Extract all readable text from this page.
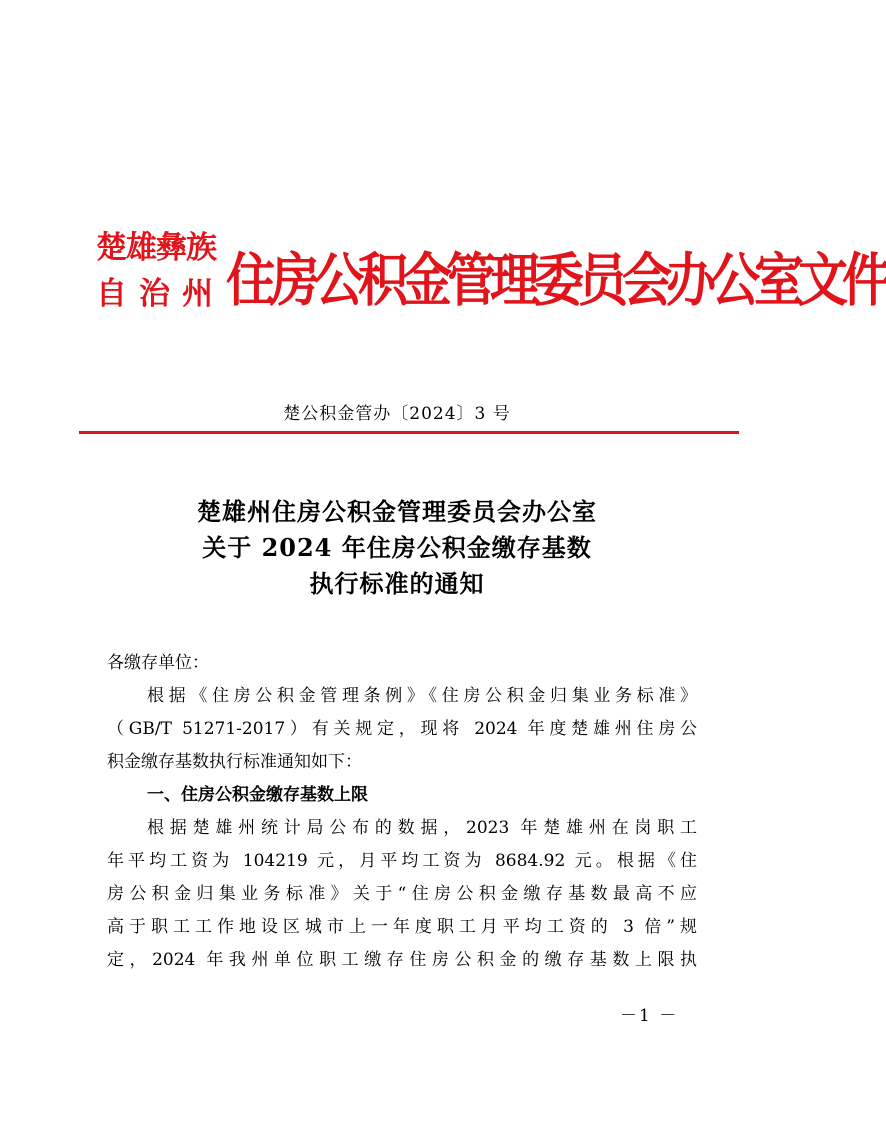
楚雄彝族
自治州 住房公积金管理委员会办公室文件
楚公积金管办〔2024〕3 号
楚雄州住房公积金管理委员会办公室
关于 2024 年住房公积金缴存基数
执行标准的通知

各缴存单位：

根据《住房公积金管理条例》《住房公积金归集业务标准》
（GB/T 51271-2017）有关规定，现将 2024 年度楚雄州住房公
积金缴存基数执行标准通知如下：

一、住房公积金缴存基数上限

根据楚雄州统计局公布的数据，2023 年楚雄州在岗职工
年平均工资为 104219 元，月平均工资为 8684.92 元。根据《住
房公积金归集业务标准》关于“住房公积金缴存基数最高不应
高于职工工作地设区城市上一年度职工月平均工资的 3 倍”规
定，2024 年我州单位职工缴存住房公积金的缴存基数上限执

－1 －
